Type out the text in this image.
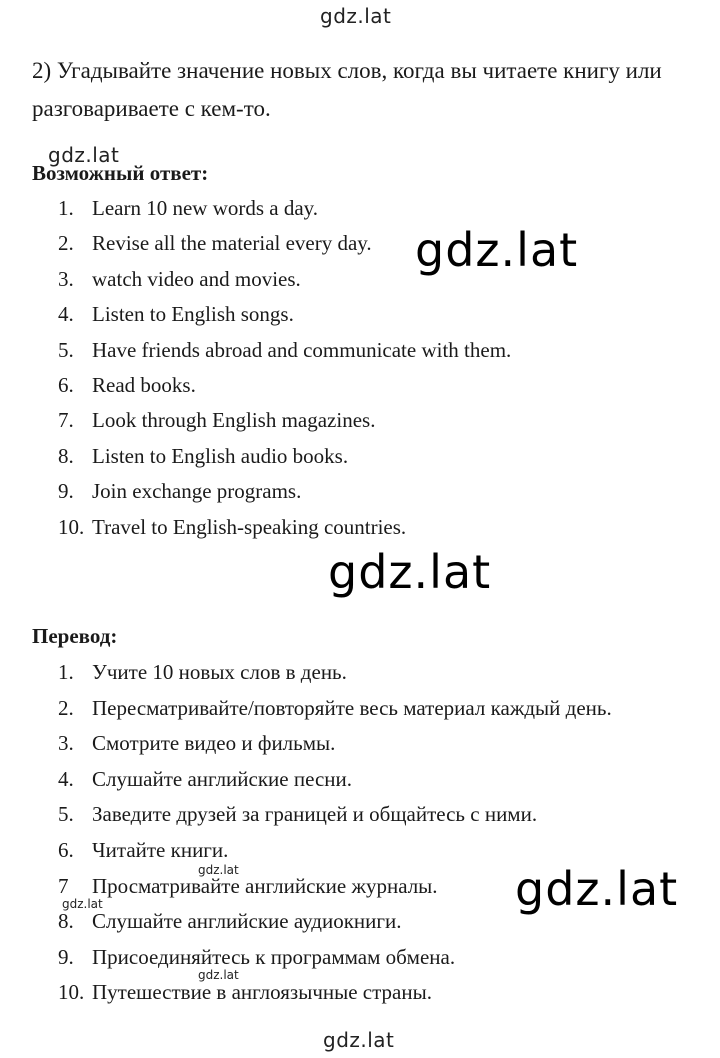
gdz.lat
gdz.lat
gdz.lat
gdz.lat
gdz.lat
gdz.lat
gdz.lat
gdz.lat
gdz.lat
2) Угадывайте значение новых слов, когда вы читаете книгу или разговариваете с кем-то.
Возможный ответ:
1. Learn 10 new words a day.
2. Revise all the material every day.
3. watch video and movies.
4. Listen to English songs.
5. Have friends abroad and communicate with them.
6. Read books.
7. Look through English magazines.
8. Listen to English audio books.
9. Join exchange programs.
10. Travel to English-speaking countries.
Перевод:
1. Учите 10 новых слов в день.
2. Пересматривайте/повторяйте весь материал каждый день.
3. Смотрите видео и фильмы.
4. Слушайте английские песни.
5. Заведите друзей за границей и общайтесь с ними.
6. Читайте книги.
7 Просматривайте английские журналы.
8. Слушайте английские аудиокниги.
9. Присоединяйтесь к программам обмена.
10. Путешествие в англоязычные страны.
